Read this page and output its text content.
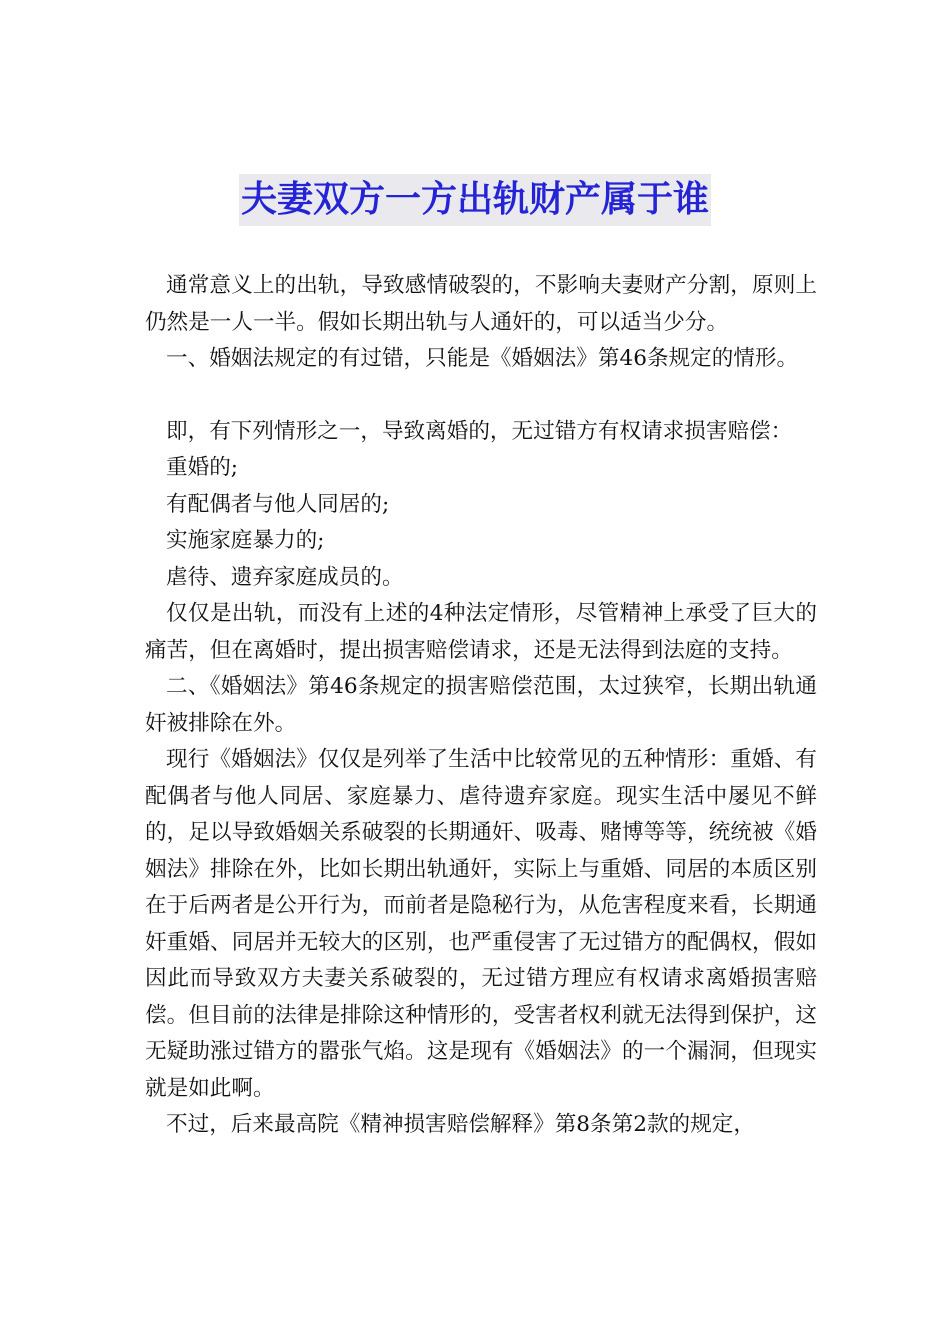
夫妻双方一方出轨财产属于谁

通常意义上的出轨，导致感情破裂的，不影响夫妻财产分割，原则上仍然是一人一半。假如长期出轨与人通奸的，可以适当少分。

一、婚姻法规定的有过错，只能是《婚姻法》第46条规定的情形。

即，有下列情形之一，导致离婚的，无过错方有权请求损害赔偿：

重婚的;

有配偶者与他人同居的;

实施家庭暴力的;

虐待、遗弃家庭成员的。

仅仅是出轨，而没有上述的4种法定情形，尽管精神上承受了巨大的痛苦，但在离婚时，提出损害赔偿请求，还是无法得到法庭的支持。

二、《婚姻法》第46条规定的损害赔偿范围，太过狭窄，长期出轨通奸被排除在外。

现行《婚姻法》仅仅是列举了生活中比较常见的五种情形：重婚、有配偶者与他人同居、家庭暴力、虐待遗弃家庭。现实生活中屡见不鲜的，足以导致婚姻关系破裂的长期通奸、吸毒、赌博等等，统统被《婚姻法》排除在外，比如长期出轨通奸，实际上与重婚、同居的本质区别在于后两者是公开行为，而前者是隐秘行为，从危害程度来看，长期通奸重婚、同居并无较大的区别，也严重侵害了无过错方的配偶权，假如因此而导致双方夫妻关系破裂的，无过错方理应有权请求离婚损害赔偿。但目前的法律是排除这种情形的，受害者权利就无法得到保护，这无疑助涨过错方的嚣张气焰。这是现有《婚姻法》的一个漏洞，但现实就是如此啊。

不过，后来最高院《精神损害赔偿解释》第8条第2款的规定，
